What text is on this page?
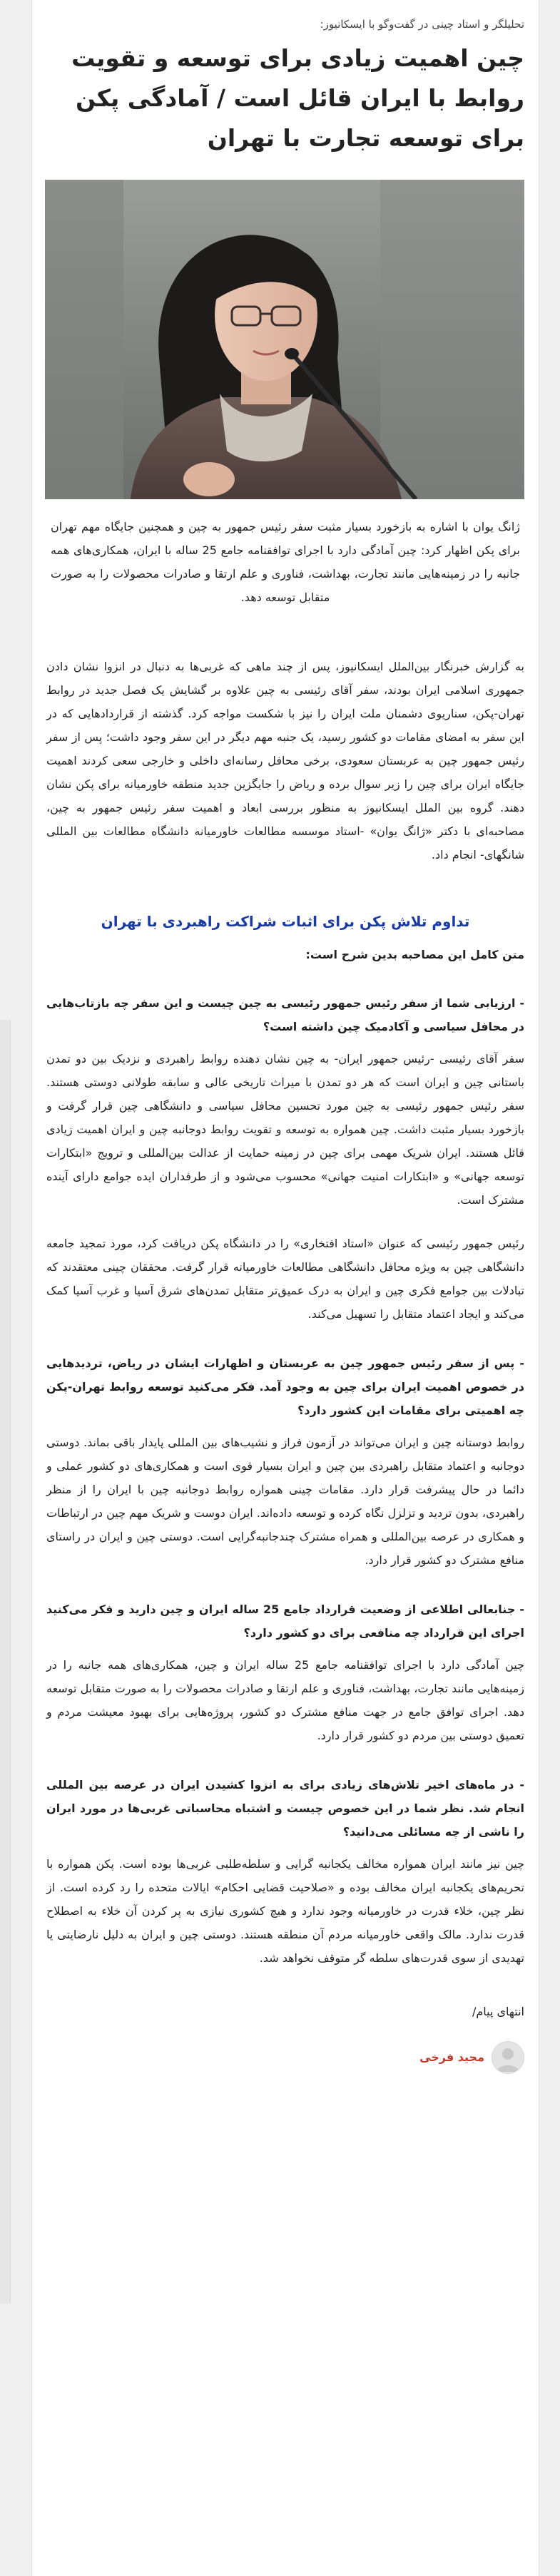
تحلیلگر و استاد چینی در گفت‌وگو با ایسکانیوز:
چین اهمیت زیادی برای توسعه و تقویت روابط با ایران قائل است / آمادگی پکن برای توسعه تجارت با تهران

ژانگ یوان با اشاره به بازخورد بسیار مثبت سفر رئیس جمهور به چین و همچنین جایگاه مهم تهران برای پکن اظهار کرد: چین آمادگی دارد با اجرای توافقنامه جامع 25 ساله با ایران، همکاری‌های همه جانبه را در زمینه‌هایی مانند تجارت، بهداشت، فناوری و علم ارتقا و صادرات محصولات را به صورت متقابل توسعه دهد.

به گزارش خبرنگار بین‌الملل ایسکانیوز، پس از چند ماهی که غربی‌ها به دنبال در انزوا نشان دادن جمهوری اسلامی ایران بودند، سفر آقای رئیسی به چین علاوه بر گشایش یک فصل جدید در روابط تهران-پکن، سناریوی دشمنان ملت ایران را نیز با شکست مواجه کرد. گذشته از قراردادهایی که در این سفر به امضای مقامات دو کشور رسید، یک جنبه مهم دیگر در این سفر وجود داشت؛ پس از سفر رئیس جمهور چین به عربستان سعودی، برخی محافل رسانه‌ای داخلی و خارجی سعی کردند اهمیت جایگاه ایران برای چین را زیر سوال برده و ریاض را جایگزین جدید منطقه خاورمیانه برای پکن نشان دهند. گروه بین الملل ایسکانیوز به منظور بررسی ابعاد و اهمیت سفر رئیس جمهور به چین، مصاحبه‌ای با دکتر «ژانگ یوان» -استاد موسسه مطالعات خاورمیانه دانشگاه مطالعات بین المللی شانگهای- انجام داد.

تداوم تلاش پکن برای اثبات شراکت راهبردی با تهران
متن کامل این مصاحبه بدین شرح است:

- ارزیابی شما از سفر رئیس جمهور رئیسی به چین چیست و این سفر چه بازتاب‌هایی در محافل سیاسی و آکادمیک چین داشته است؟

سفر آقای رئیسی -رئیس جمهور ایران- به چین نشان دهنده روابط راهبردی و نزدیک بین دو تمدن باستانی چین و ایران است که هر دو تمدن با میراث تاریخی عالی و سابقه طولانی دوستی هستند. سفر رئیس جمهور رئیسی به چین مورد تحسین محافل سیاسی و دانشگاهی چین قرار گرفت و بازخورد بسیار مثبت داشت. چین همواره به توسعه و تقویت روابط دوجانبه چین و ایران اهمیت زیادی قائل هستند. ایران شریک مهمی برای چین در زمینه حمایت از عدالت بین‌المللی و ترویج «ابتکارات توسعه جهانی» و «ابتکارات امنیت جهانی» محسوب می‌شود و از طرفداران ایده جوامع دارای آینده مشترک است.

رئیس جمهور رئیسی که عنوان «استاد افتخاری» را در دانشگاه پکن دریافت کرد، مورد تمجید جامعه دانشگاهی چین به ویژه محافل دانشگاهی مطالعات خاورمیانه قرار گرفت. محققان چینی معتقدند که تبادلات بین جوامع فکری چین و ایران به درک عمیق‌تر متقابل تمدن‌های شرق آسیا و غرب آسیا کمک می‌کند و ایجاد اعتماد متقابل را تسهیل می‌کند.

- پس از سفر رئیس جمهور چین به عربستان و اظهارات ایشان در ریاض، تردیدهایی در خصوص اهمیت ایران برای چین به وجود آمد. فکر می‌کنید توسعه روابط تهران-پکن چه اهمیتی برای مقامات این کشور دارد؟

روابط دوستانه چین و ایران می‌تواند در آزمون فراز و نشیب‌های بین المللی پایدار باقی بماند. دوستی دوجانبه و اعتماد متقابل راهبردی بین چین و ایران بسیار قوی است و همکاری‌های دو کشور عملی و دائما در حال پیشرفت قرار دارد. مقامات چینی همواره روابط دوجانبه چین با ایران را از منظر راهبردی، بدون تردید و تزلزل نگاه کرده و توسعه داده‌اند. ایران دوست و شریک مهم چین در ارتباطات و همکاری در عرصه بین‌المللی و همراه مشترک چندجانبه‌گرایی است. دوستی چین و ایران در راستای منافع مشترک دو کشور قرار دارد.

- جنابعالی اطلاعی از وضعیت قرارداد جامع 25 ساله ایران و چین دارید و فکر می‌کنید اجرای این قرارداد چه منافعی برای دو کشور دارد؟

چین آمادگی دارد با اجرای توافقنامه جامع 25 ساله ایران و چین، همکاری‌های همه جانبه را در زمینه‌هایی مانند تجارت، بهداشت، فناوری و علم ارتقا و صادرات محصولات را به صورت متقابل توسعه دهد. اجرای توافق جامع در جهت منافع مشترک دو کشور، پروژه‌هایی برای بهبود معیشت مردم و تعمیق دوستی بین مردم دو کشور قرار دارد.

- در ماه‌های اخیر تلاش‌های زیادی برای به انزوا کشیدن ایران در عرصه بین المللی انجام شد. نظر شما در این خصوص چیست و اشتباه محاسباتی غربی‌ها در مورد ایران را ناشی از چه مسائلی می‌دانید؟

چین نیز مانند ایران همواره مخالف یکجانبه گرایی و سلطه‌طلبی غربی‌ها بوده است. پکن همواره با تحریم‌های یکجانبه ایران مخالف بوده و «صلاحیت قضایی احکام» ایالات متحده را رد کرده است. از نظر چین، خلاء قدرت در خاورمیانه وجود ندارد و هیچ کشوری نیازی به پر کردن آن خلاء به اصطلاح قدرت ندارد. مالک واقعی خاورمیانه مردم آن منطقه هستند. دوستی چین و ایران به دلیل نارضایتی یا تهدیدی از سوی قدرت‌های سلطه گر متوقف نخواهد شد.

انتهای پیام/
مجید فرخی
